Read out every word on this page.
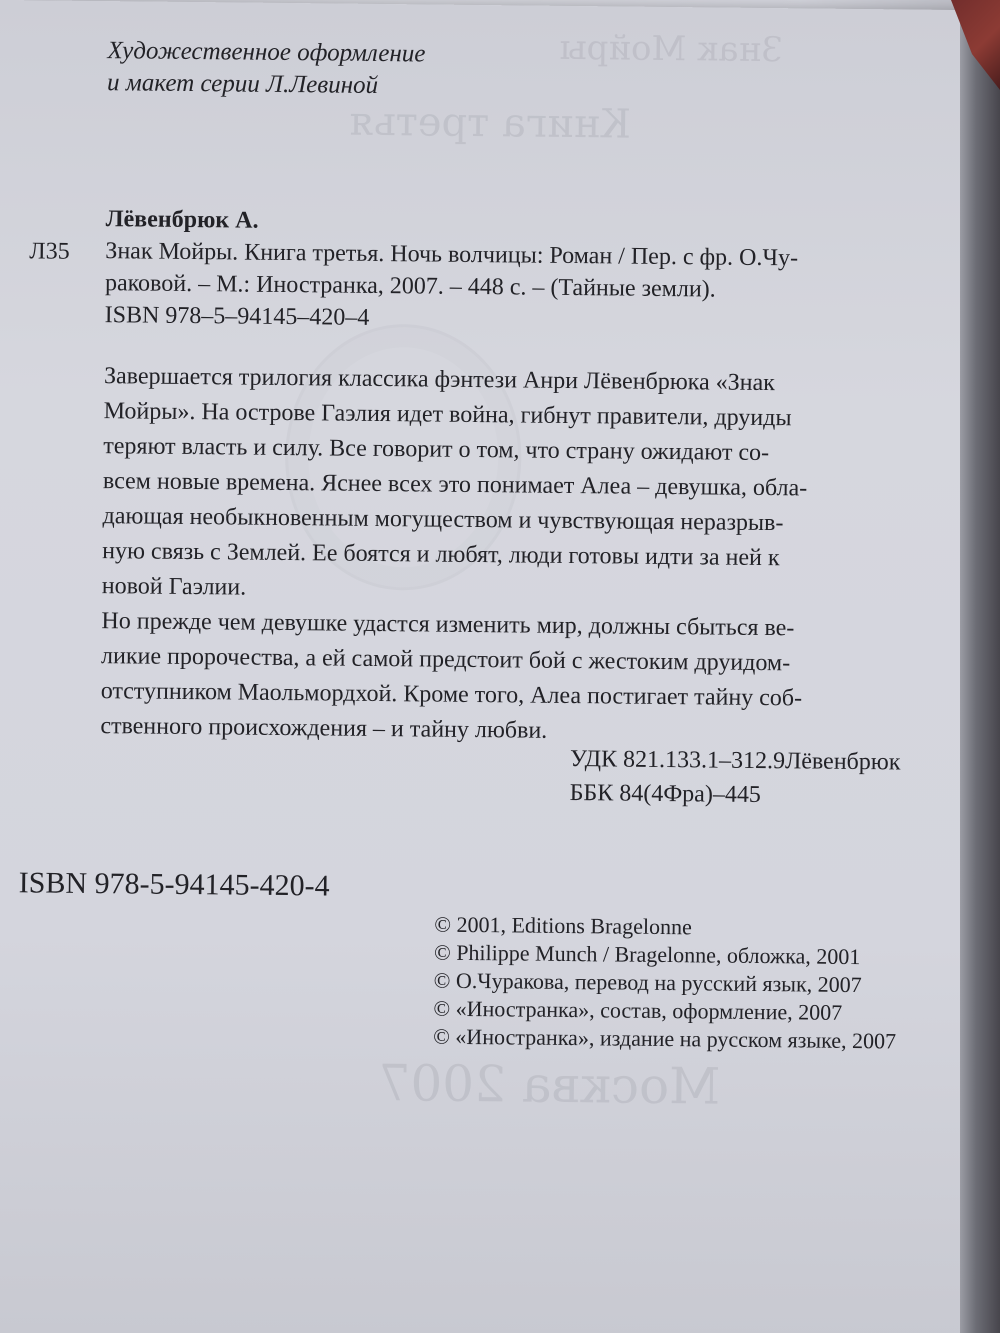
Знак Мойры
Книга третья
Москва 2007
Художественное оформление
и макет серии Л.Левиной
Лёвенбрюк А.
Л35 Знак Мойры. Книга третья. Ночь волчицы: Роман / Пер. с фр. О.Чу-
раковой. – М.: Иностранка, 2007. – 448 с. – (Тайные земли).
ISBN 978–5–94145–420–4
Завершается трилогия классика фэнтези Анри Лёвенбрюка «Знак
Мойры». На острове Гаэлия идет война, гибнут правители, друиды
теряют власть и силу. Все говорит о том, что страну ожидают со-
всем новые времена. Яснее всех это понимает Алеа – девушка, обла-
дающая необыкновенным могуществом и чувствующая неразрыв-
ную связь с Землей. Ее боятся и любят, люди готовы идти за ней к
новой Гаэлии.
Но прежде чем девушке удастся изменить мир, должны сбыться ве-
ликие пророчества, а ей самой предстоит бой с жестоким друидом-
отступником Маольмордхой. Кроме того, Алеа постигает тайну соб-
ственного происхождения – и тайну любви.
УДК 821.133.1–312.9Лёвенбрюк
ББК 84(4Фра)–445
ISBN 978-5-94145-420-4
© 2001, Editions Bragelonne
© Philippe Munch / Bragelonne, обложка, 2001
© О.Чуракова, перевод на русский язык, 2007
© «Иностранка», состав, оформление, 2007
© «Иностранка», издание на русском языке, 2007
